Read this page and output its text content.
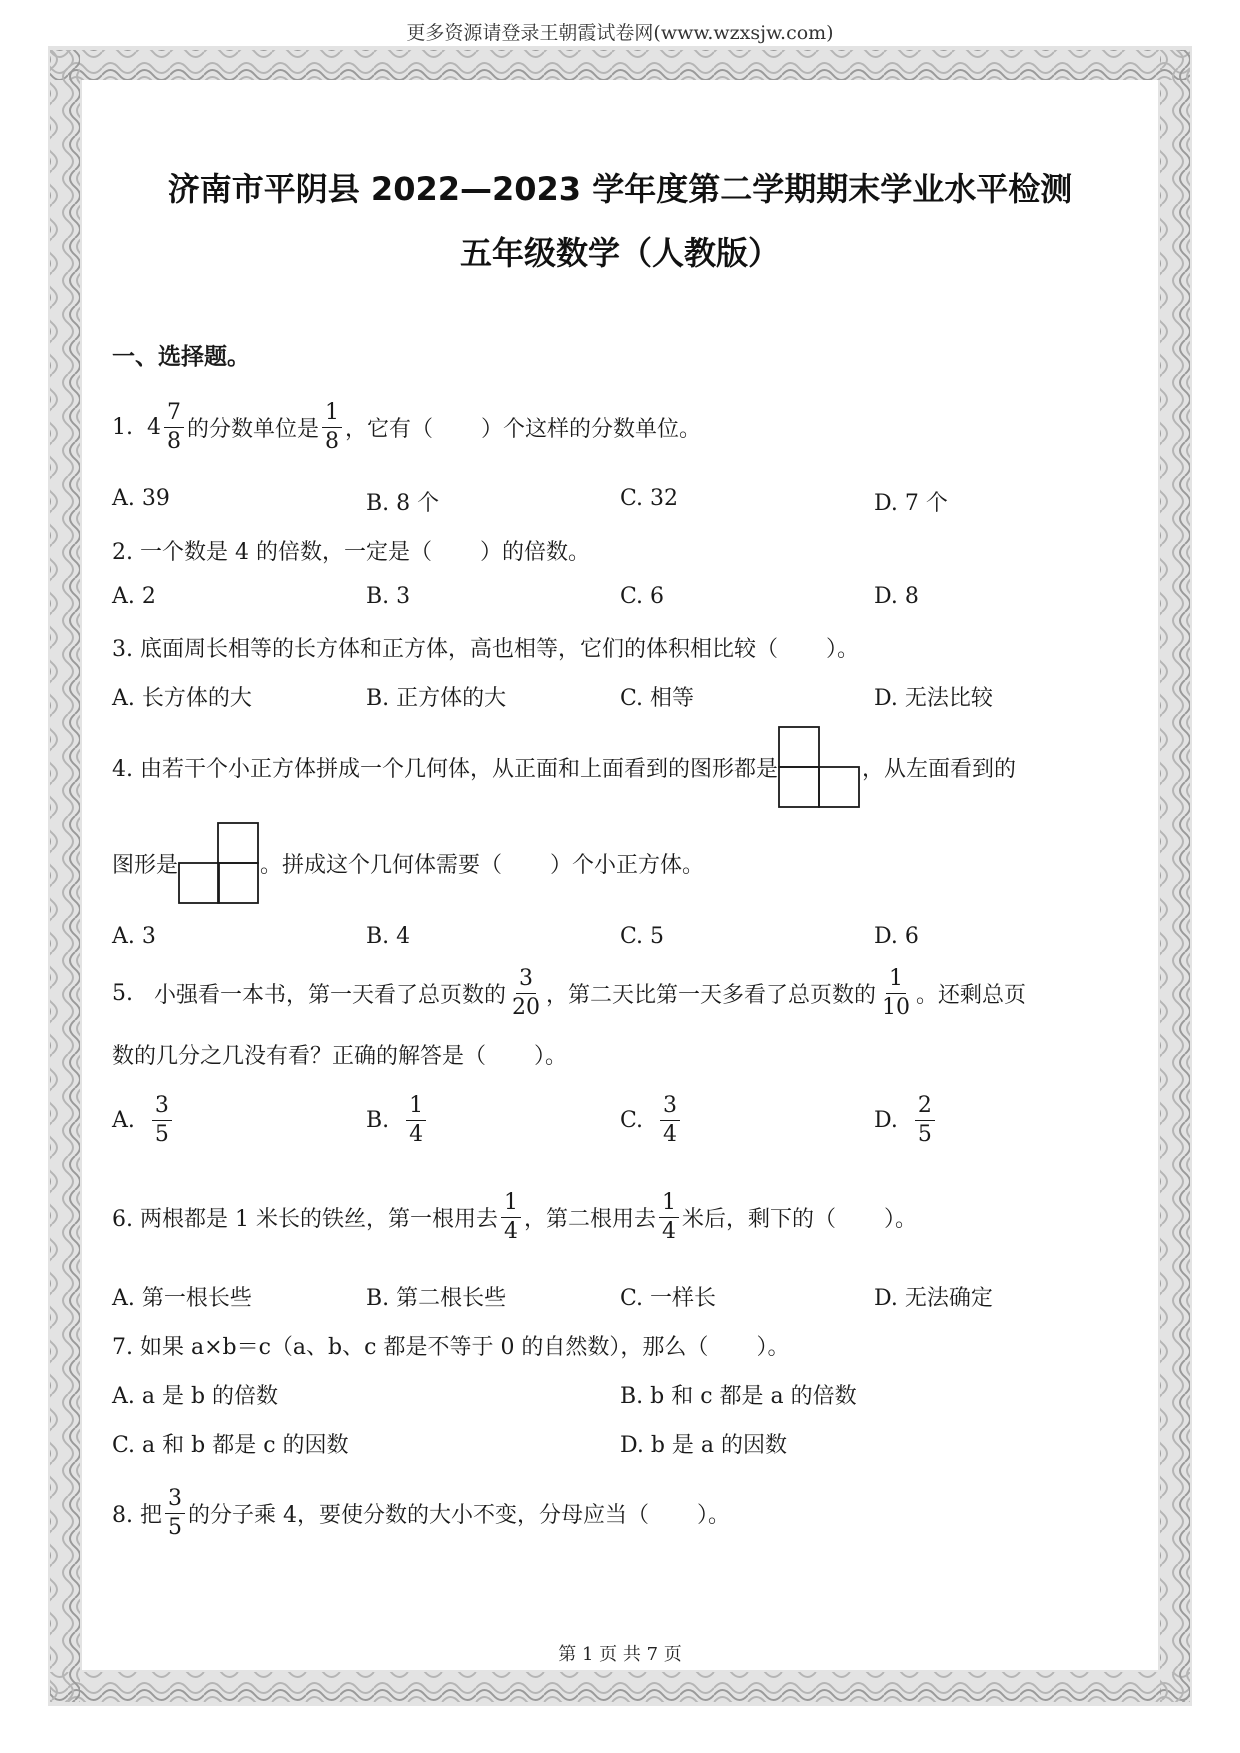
更多资源请登录王朝霞试卷网(www.wzxsjw.com)
济南市平阴县 2022—2023 学年度第二学期期末学业水平检测
五年级数学（人教版）
一、选择题。
1.
$4 \frac{7}{8}$ 的分数单位是 $\frac{1}{8}$ ，它有（ ）个这样的分数单位。
A. 39	B. 8 个	C. 32	D. 7 个
2. 一个数是 4 的倍数，一定是（ ）的倍数。
A. 2	B. 3	C. 6	D. 8
3. 底面周长相等的长方体和正方体，高也相等，它们的体积相比较（ ）。
A. 长方体的大	B. 正方体的大	C. 相等	D. 无法比较
4. 由若干个小正方体拼成一个几何体，从正面和上面看到的图形都是	，从左面看到的
图形是	。拼成这个几何体需要（ ）个小正方体。
A. 3	B. 4	C. 5	D. 6
5.
小强看一本书，第一天看了总页数的 $\frac{3}{20}$ ，第二天比第一天多看了总页数的 $\frac{1}{10}$ 。还剩总页
数的几分之几没有看？正确的解答是（ ）。
A.
$\frac{3}{5}$	B.
$\frac{1}{4}$	C.
$\frac{3}{4}$	D.
$\frac{2}{5}$
6. 两根都是 1 米长的铁丝，第一根用去 $\frac{1}{4}$ ，第二根用去 $\frac{1}{4}$ 米后，剩下的（ ）。
A. 第一根长些	B. 第二根长些	C. 一样长	D. 无法确定
7. 如果 a×b＝c（a、b、c 都是不等于 0 的自然数），那么（ ）。
A. a 是 b 的倍数	B. b 和 c 都是 a 的倍数
C. a 和 b 都是 c 的因数	D. b 是 a 的因数
8. 把 $\frac{3}{5}$ 的分子乘 4，要使分数的大小不变，分母应当（ ）。
第 1 页 共 7 页
